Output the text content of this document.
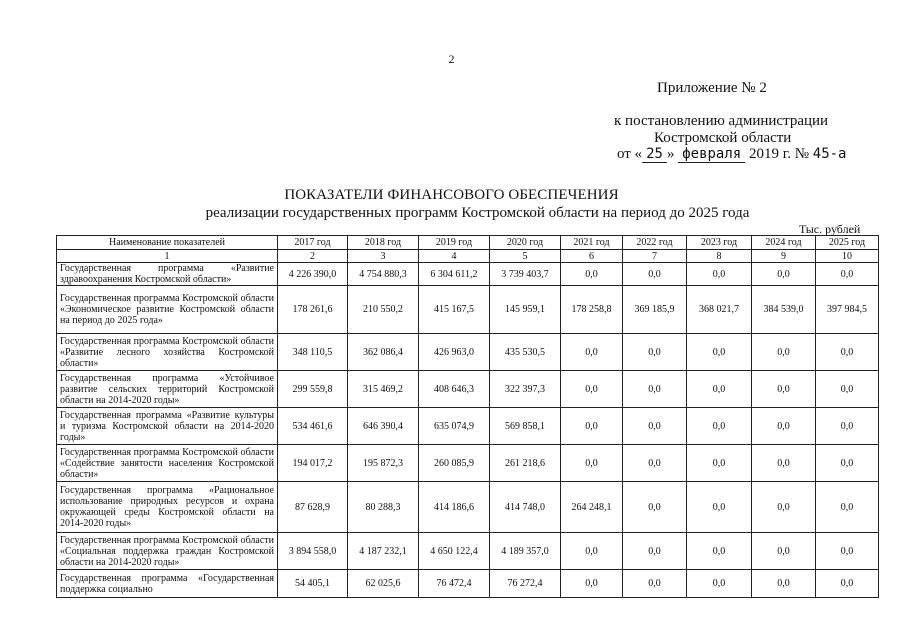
2
Приложение № 2
к постановлению администрации
Костромской области
от « 25 » февраля 2019 г. № 45-а
ПОКАЗАТЕЛИ ФИНАНСОВОГО ОБЕСПЕЧЕНИЯ
реализации государственных программ Костромской области на период до 2025 года
Тыс. рублей
Наименование показателей	2017 год	2018 год	2019 год	2020 год	2021 год	2022 год	2023 год	2024 год	2025 год
1	2	3	4	5	6	7	8	9	10
Государственная программа «Развитие здравоохранения Костромской области»	4 226 390,0	4 754 880,3	6 304 611,2	3 739 403,7	0,0	0,0	0,0	0,0	0,0
Государственная программа Костромской области «Экономическое развитие Костромской области на период до 2025 года»	178 261,6	210 550,2	415 167,5	145 959,1	178 258,8	369 185,9	368 021,7	384 539,0	397 984,5
Государственная программа Костромской области «Развитие лесного хозяйства Костромской области»	348 110,5	362 086,4	426 963,0	435 530,5	0,0	0,0	0,0	0,0	0,0
Государственная программа «Устойчивое развитие сельских территорий Костромской области на 2014-2020 годы»	299 559,8	315 469,2	408 646,3	322 397,3	0,0	0,0	0,0	0,0	0,0
Государственная программа «Развитие культуры и туризма Костромской области на 2014-2020 годы»	534 461,6	646 390,4	635 074,9	569 858,1	0,0	0,0	0,0	0,0	0,0
Государственная программа Костромской области «Содействие занятости населения Костромской области»	194 017,2	195 872,3	260 085,9	261 218,6	0,0	0,0	0,0	0,0	0,0
Государственная программа «Рациональное использование природных ресурсов и охрана окружающей среды Костромской области на 2014-2020 годы»	87 628,9	80 288,3	414 186,6	414 748,0	264 248,1	0,0	0,0	0,0	0,0
Государственная программа Костромской области «Социальная поддержка граждан Костромской области на 2014-2020 годы»	3 894 558,0	4 187 232,1	4 650 122,4	4 189 357,0	0,0	0,0	0,0	0,0	0,0
Государственная программа «Государственная поддержка социально	54 405,1	62 025,6	76 472,4	76 272,4	0,0	0,0	0,0	0,0	0,0
